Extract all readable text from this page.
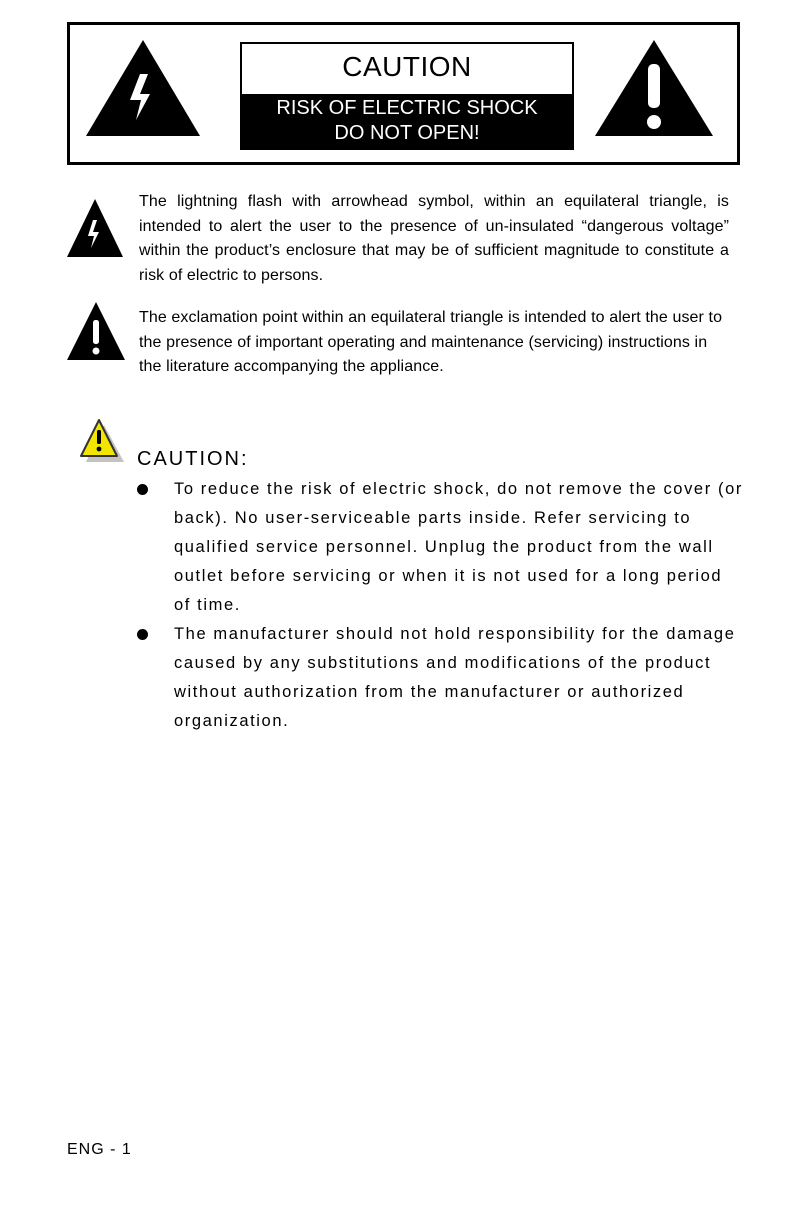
CAUTION
RISK OF ELECTRIC SHOCK
DO NOT OPEN!
The lightning flash with arrowhead symbol, within an equilateral triangle, is intended to alert the user to the presence of un-insulated “dangerous voltage” within the product’s enclosure that may be of sufficient magnitude to constitute a risk of electric to persons.
The exclamation point within an equilateral triangle is intended to alert the user to the presence of important operating and maintenance (servicing) instructions in the literature accompanying the appliance.
CAUTION:
To reduce the risk of electric shock, do not remove the cover (or back). No user-serviceable parts inside. Refer servicing to qualified service personnel. Unplug the product from the wall outlet before servicing or when it is not used for a long period of time.
The manufacturer should not hold responsibility for the damage caused by any substitutions and modifications of the product without authorization from the manufacturer or authorized organization.
ENG - 1
